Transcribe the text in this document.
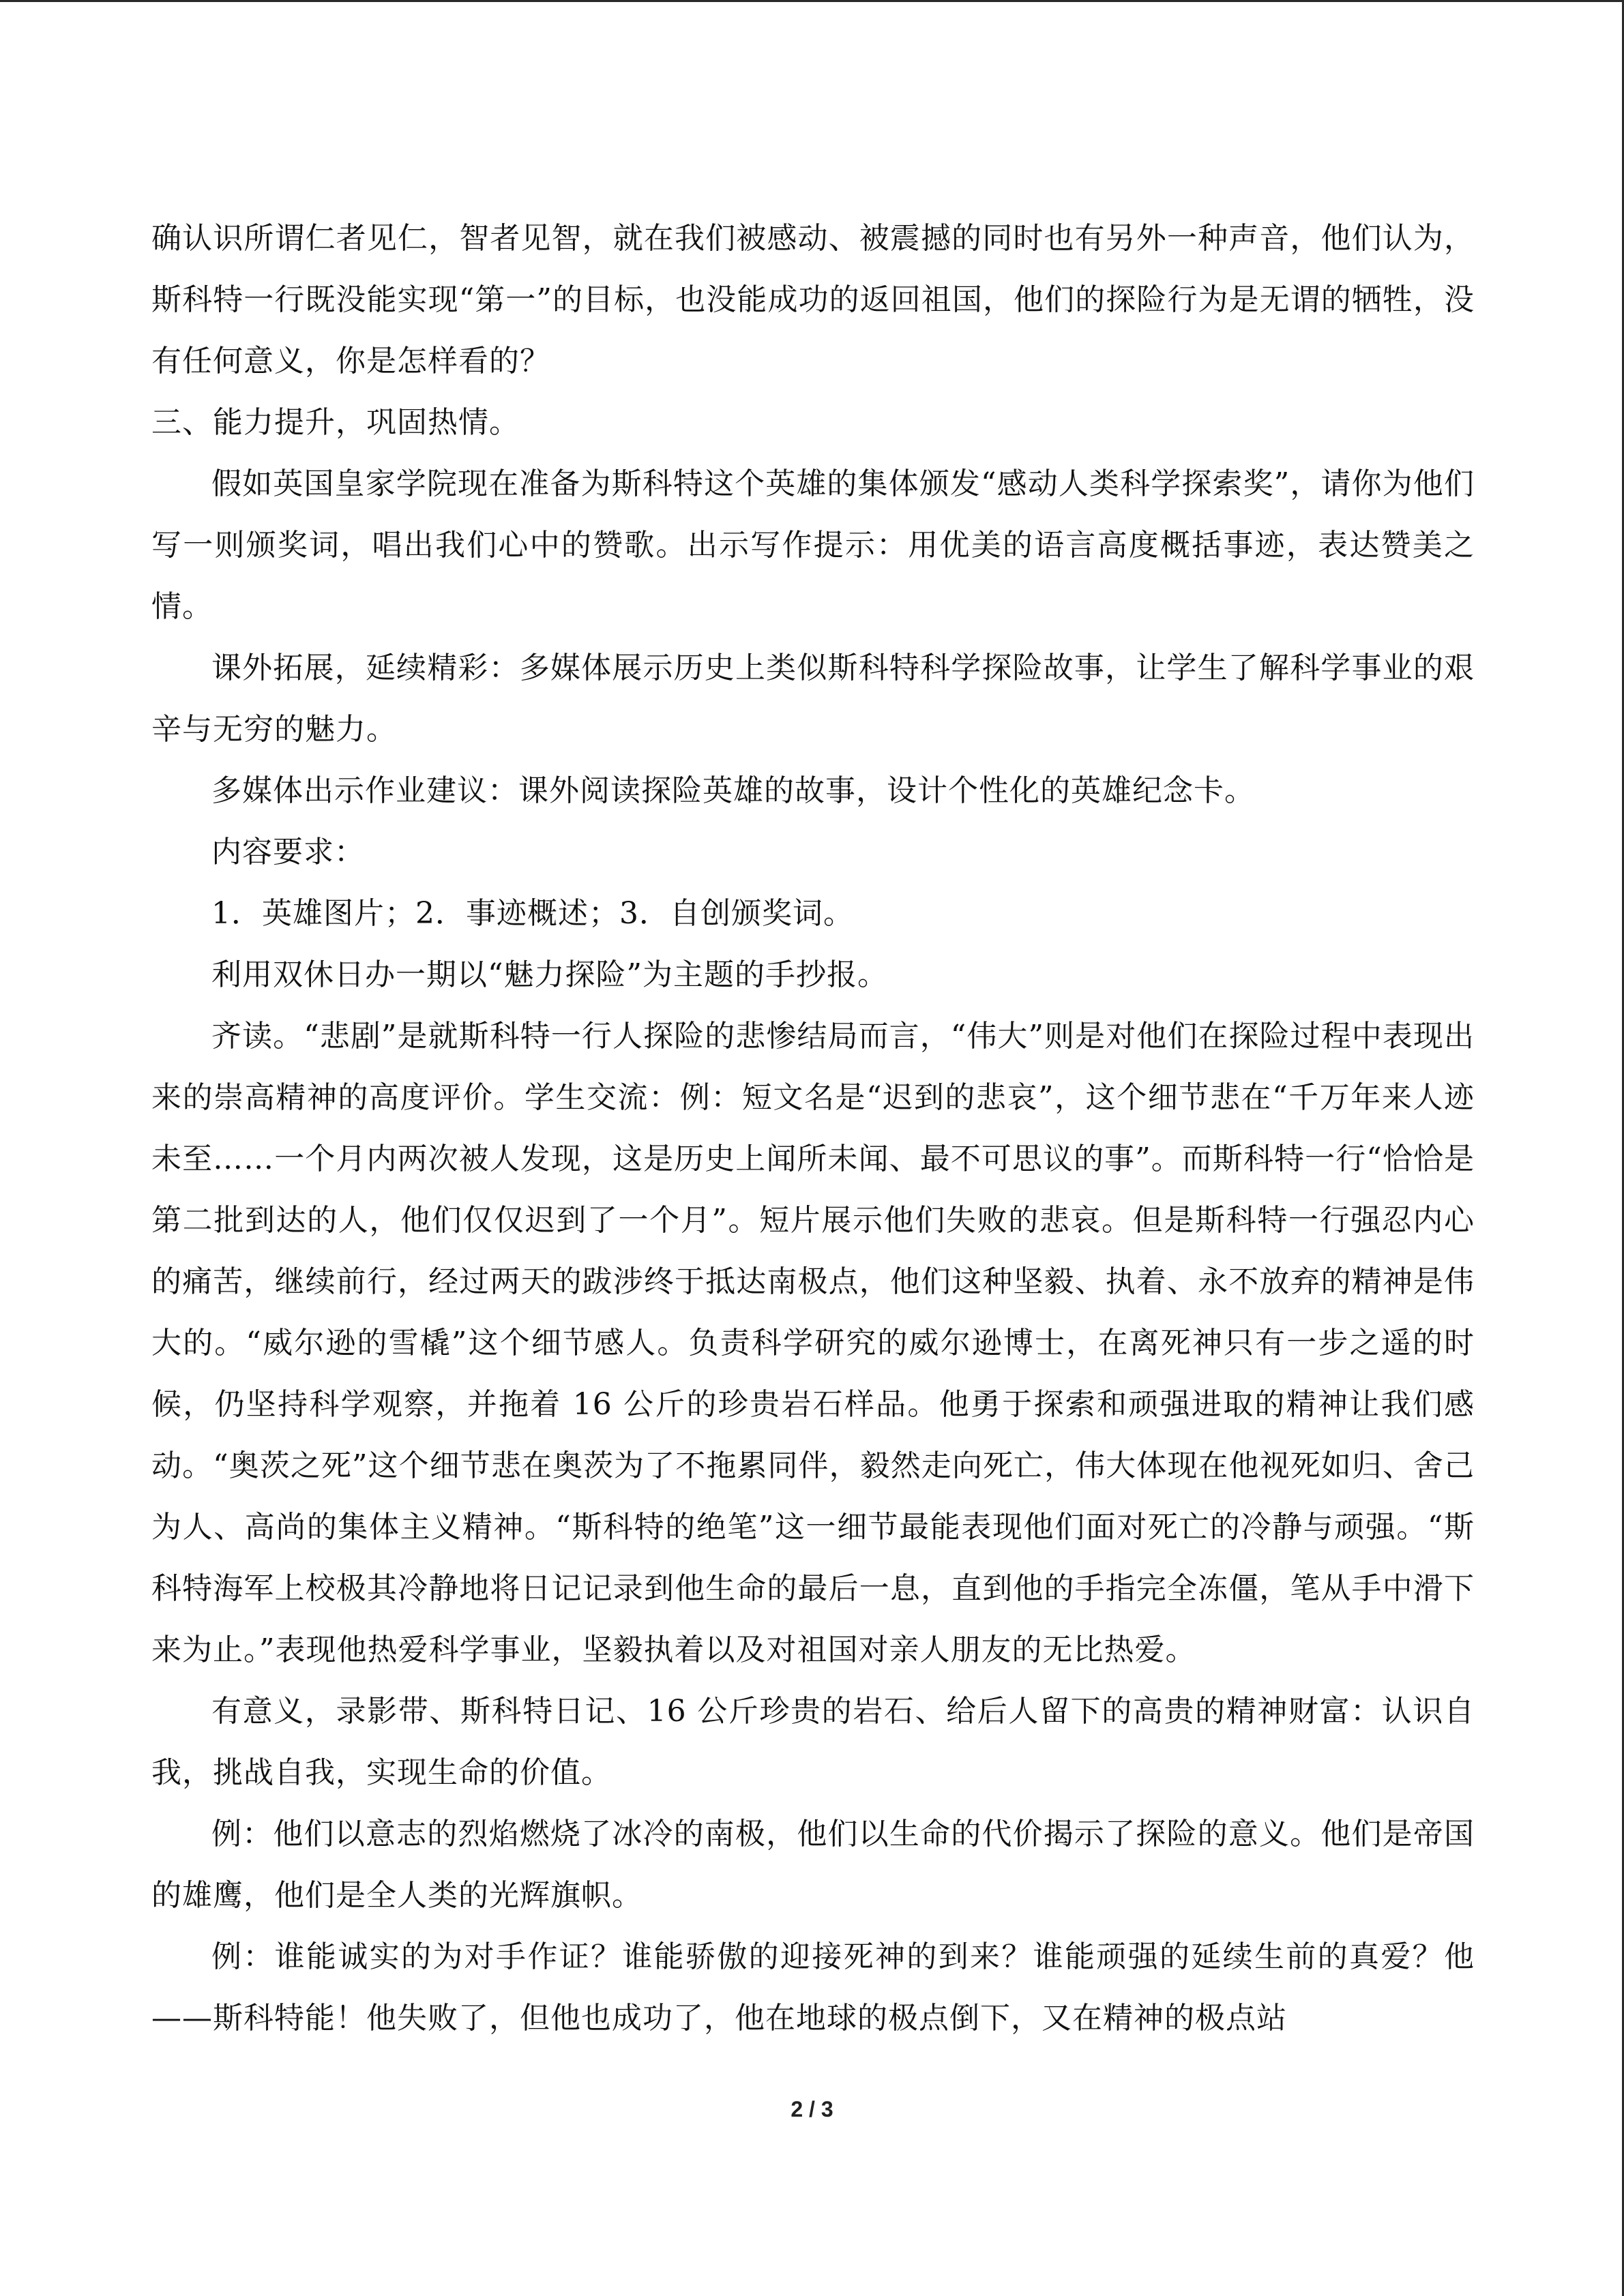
确认识所谓仁者见仁，智者见智，就在我们被感动、被震撼的同时也有另外一种声音，他们认为，斯科特一行既没能实现“第一”的目标，也没能成功的返回祖国，他们的探险行为是无谓的牺牲，没有任何意义，你是怎样看的？

三、能力提升，巩固热情。

假如英国皇家学院现在准备为斯科特这个英雄的集体颁发“感动人类科学探索奖”，请你为他们写一则颁奖词，唱出我们心中的赞歌。出示写作提示：用优美的语言高度概括事迹，表达赞美之情。

课外拓展，延续精彩：多媒体展示历史上类似斯科特科学探险故事，让学生了解科学事业的艰辛与无穷的魅力。

多媒体出示作业建议：课外阅读探险英雄的故事，设计个性化的英雄纪念卡。

内容要求：

1．英雄图片；2．事迹概述；3．自创颁奖词。

利用双休日办一期以“魅力探险”为主题的手抄报。

齐读。“悲剧”是就斯科特一行人探险的悲惨结局而言，“伟大”则是对他们在探险过程中表现出来的崇高精神的高度评价。学生交流：例：短文名是“迟到的悲哀”，这个细节悲在“千万年来人迹未至……一个月内两次被人发现，这是历史上闻所未闻、最不可思议的事”。而斯科特一行“恰恰是第二批到达的人，他们仅仅迟到了一个月”。短片展示他们失败的悲哀。但是斯科特一行强忍内心的痛苦，继续前行，经过两天的跋涉终于抵达南极点，他们这种坚毅、执着、永不放弃的精神是伟大的。“威尔逊的雪橇”这个细节感人。负责科学研究的威尔逊博士，在离死神只有一步之遥的时候，仍坚持科学观察，并拖着 16 公斤的珍贵岩石样品。他勇于探索和顽强进取的精神让我们感动。“奥茨之死”这个细节悲在奥茨为了不拖累同伴，毅然走向死亡，伟大体现在他视死如归、舍己为人、高尚的集体主义精神。“斯科特的绝笔”这一细节最能表现他们面对死亡的冷静与顽强。“斯科特海军上校极其冷静地将日记记录到他生命的最后一息，直到他的手指完全冻僵，笔从手中滑下来为止。”表现他热爱科学事业，坚毅执着以及对祖国对亲人朋友的无比热爱。

有意义，录影带、斯科特日记、16 公斤珍贵的岩石、给后人留下的高贵的精神财富：认识自我，挑战自我，实现生命的价值。

例：他们以意志的烈焰燃烧了冰冷的南极，他们以生命的代价揭示了探险的意义。他们是帝国的雄鹰，他们是全人类的光辉旗帜。

例：谁能诚实的为对手作证？谁能骄傲的迎接死神的到来？谁能顽强的延续生前的真爱？他——斯科特能！他失败了，但他也成功了，他在地球的极点倒下，又在精神的极点站

2 / 3
